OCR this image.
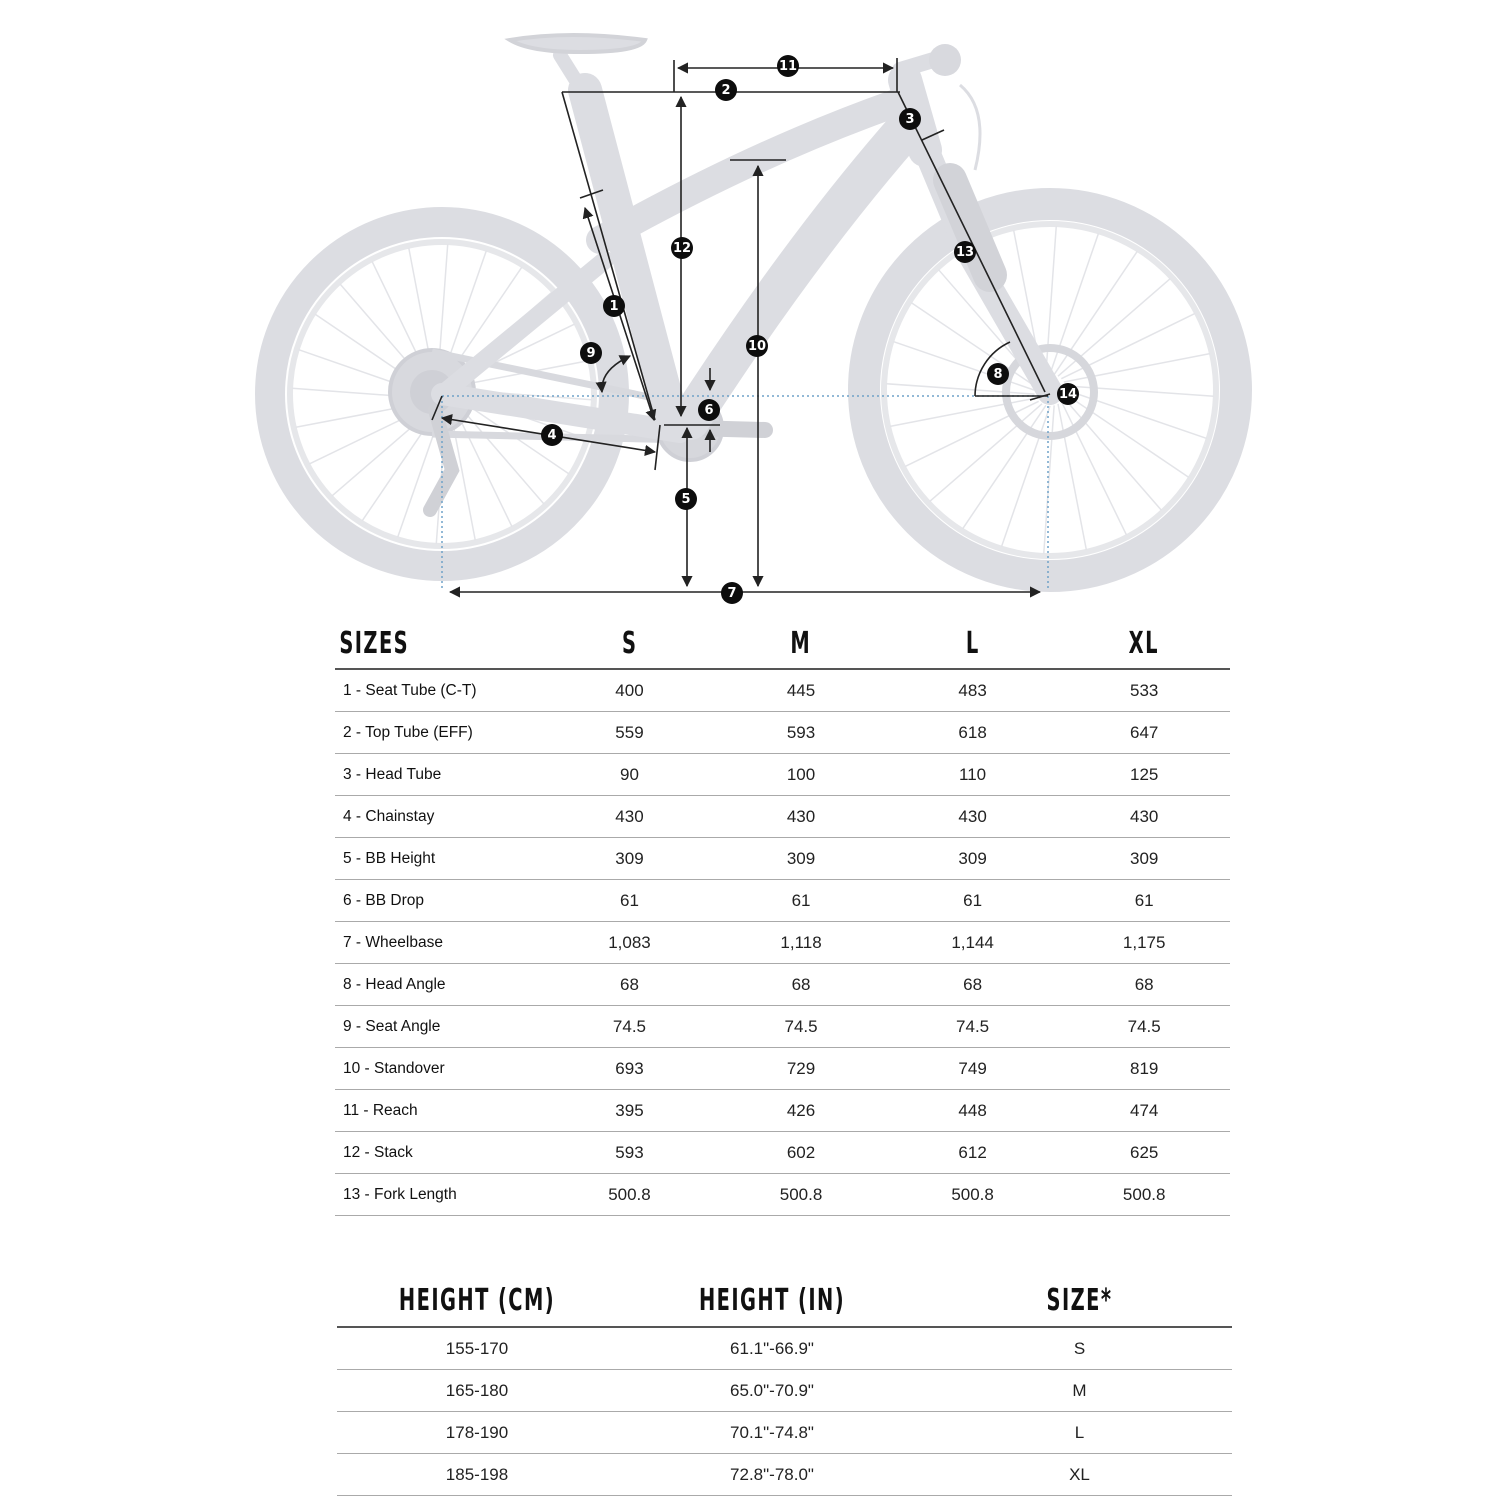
1
2
3
4
5
6
7
8
9	10
11
12	13
14
SIZES	S	M	L	XL
1 - Seat Tube (C-T)	400	445	483	533
2 - Top Tube (EFF)	559	593	618	647
3 - Head Tube	90	100	110	125
4 - Chainstay	430	430	430	430
5 - BB Height	309	309	309	309
6 - BB Drop	61	61	61	61
7 - Wheelbase	1,083	1,118	1,144	1,175
8 - Head Angle	68	68	68	68
9 - Seat Angle	74.5	74.5	74.5	74.5
10 - Standover	693	729	749	819
11 - Reach	395	426	448	474
12 - Stack	593	602	612	625
13 - Fork Length	500.8	500.8	500.8	500.8
HEIGHT (CM)	HEIGHT (IN)	SIZE*
155-170	61.1"-66.9"	S
165-180	65.0"-70.9"	M
178-190	70.1"-74.8"	L
185-198	72.8"-78.0"	XL
